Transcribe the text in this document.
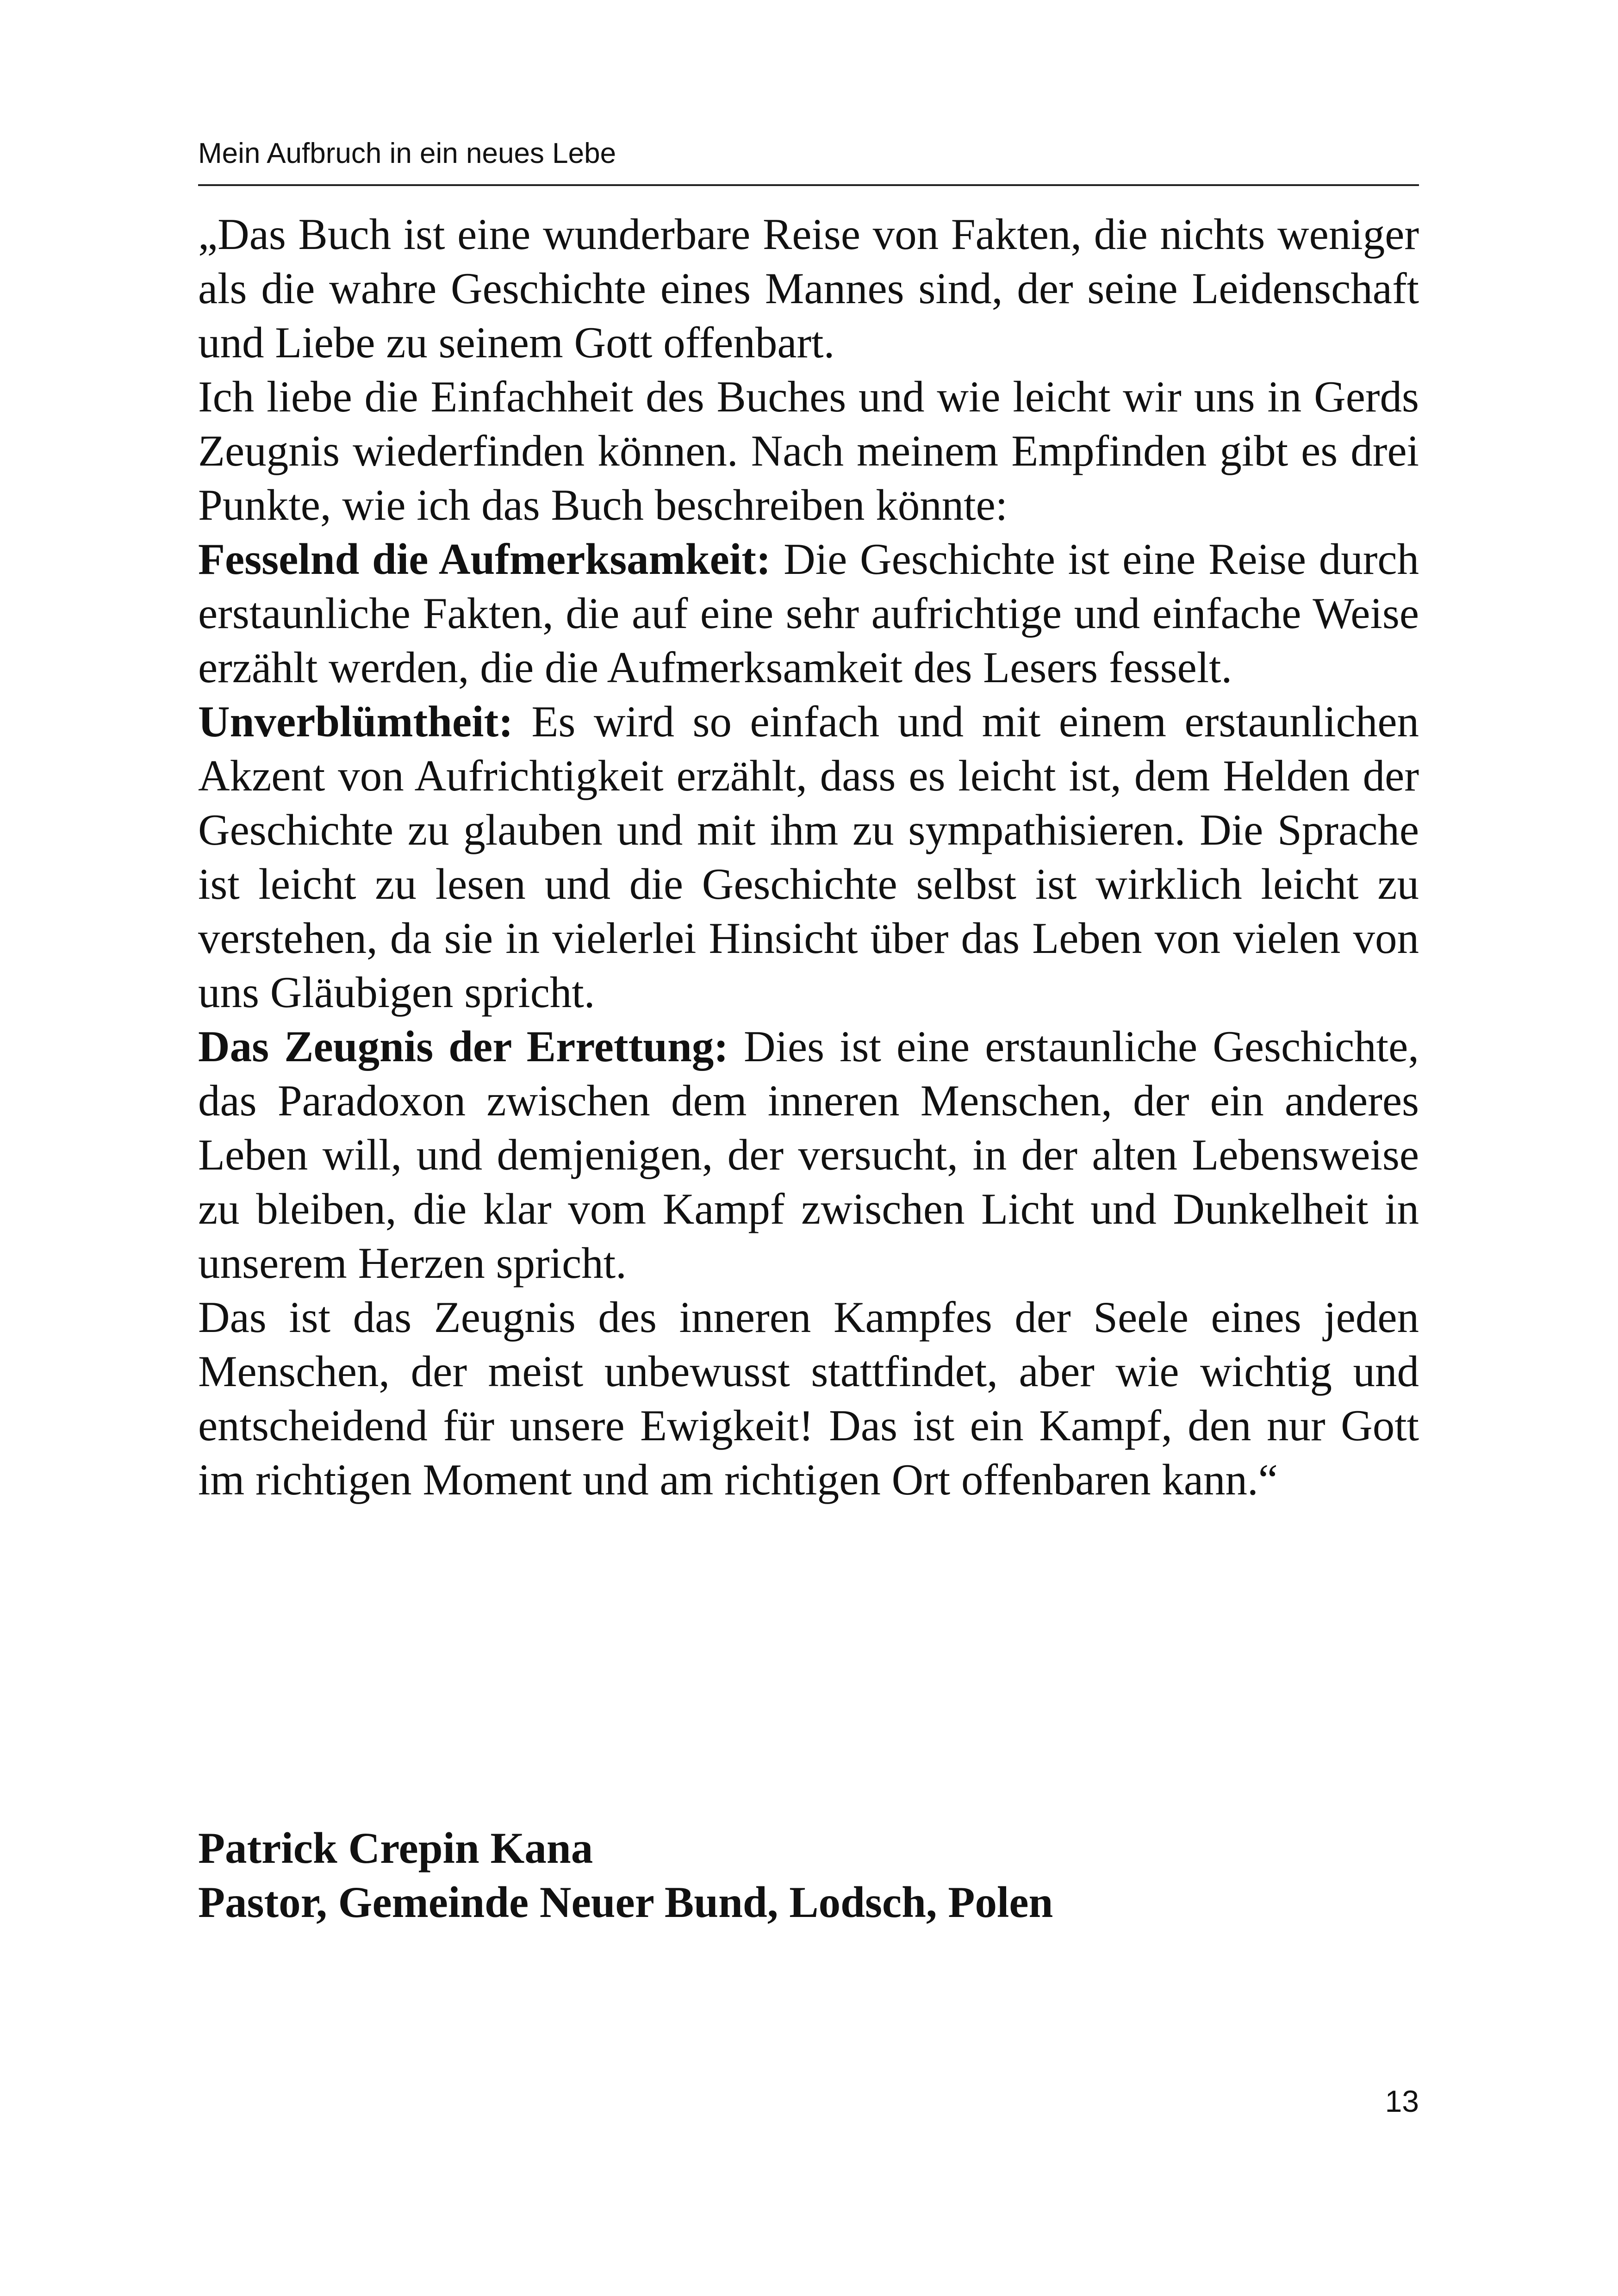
Mein Aufbruch in ein neues Lebe

„Das Buch ist eine wunderbare Reise von Fakten, die nichts weniger als die wahre Geschichte eines Mannes sind, der seine Leidenschaft und Liebe zu seinem Gott offenbart.

Ich liebe die Einfachheit des Buches und wie leicht wir uns in Gerds Zeugnis wiederfinden können. Nach meinem Empfinden gibt es drei Punkte, wie ich das Buch beschreiben könnte:

Fesselnd die Aufmerksamkeit: Die Geschichte ist eine Reise durch erstaunliche Fakten, die auf eine sehr aufrichtige und einfache Weise erzählt werden, die die Aufmerksamkeit des Lesers fesselt.

Unverblümtheit: Es wird so einfach und mit einem erstaunlichen Akzent von Aufrichtigkeit erzählt, dass es leicht ist, dem Helden der Geschichte zu glauben und mit ihm zu sympathisieren. Die Sprache ist leicht zu lesen und die Geschichte selbst ist wirklich leicht zu verstehen, da sie in vielerlei Hinsicht über das Leben von vielen von uns Gläubigen spricht.

Das Zeugnis der Errettung: Dies ist eine erstaunliche Geschichte, das Paradoxon zwischen dem inneren Menschen, der ein anderes Leben will, und demjenigen, der versucht, in der alten Lebensweise zu bleiben, die klar vom Kampf zwischen Licht und Dunkelheit in unserem Herzen spricht.

Das ist das Zeugnis des inneren Kampfes der Seele eines jeden Menschen, der meist unbewusst stattfindet, aber wie wichtig und entscheidend für unsere Ewigkeit! Das ist ein Kampf, den nur Gott im richtigen Moment und am richtigen Ort offenbaren kann.“

Patrick Crepin Kana
Pastor, Gemeinde Neuer Bund, Lodsch, Polen
13
